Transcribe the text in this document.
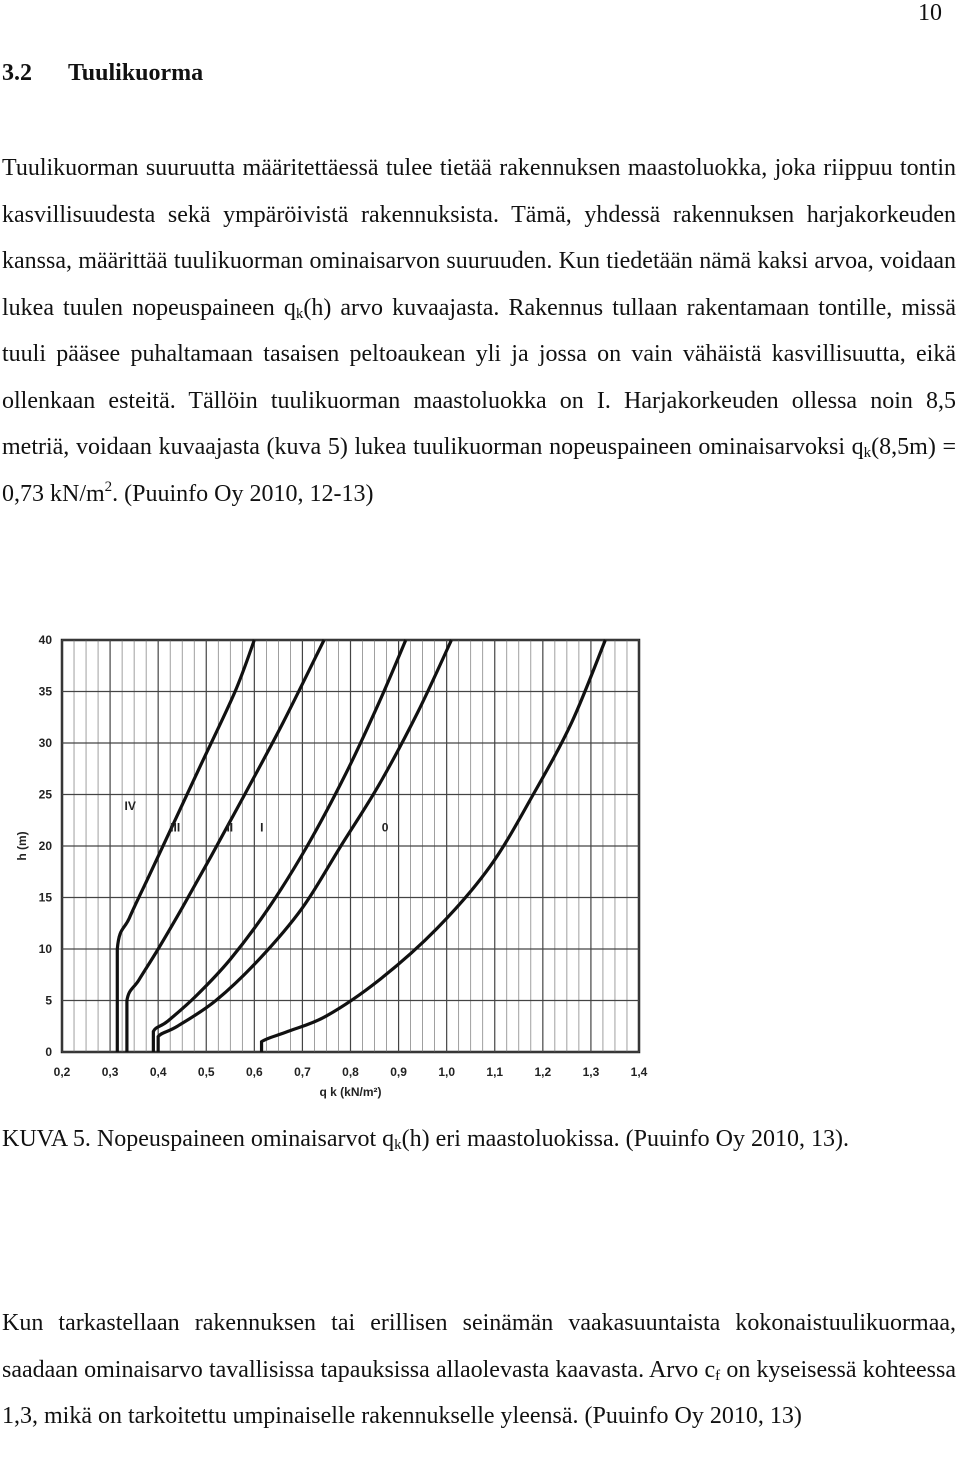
10
3.2 Tuulikuorma

Tuulikuorman suuruutta määritettäessä tulee tietää rakennuksen maastoluokka, joka riippuu tontin kasvillisuudesta sekä ympäröivistä rakennuksista. Tämä, yhdessä rakennuksen harjakorkeuden kanssa, määrittää tuulikuorman ominaisarvon suuruuden. Kun tiedetään nämä kaksi arvoa, voidaan lukea tuulen nopeuspaineen $q_k(h)$ arvo kuvaajasta. Rakennus tullaan rakentamaan tontille, missä tuuli pääsee puhaltamaan tasaisen peltoaukean yli ja jossa on vain vähäistä kasvillisuutta, eikä ollenkaan esteitä. Tällöin tuulikuorman maastoluokka on I. Harjakorkeuden ollessa noin 8,5 metriä, voidaan kuvaajasta (kuva 5) lukea tuulikuorman nopeuspaineen ominaisarvoksi $q_k(8,5m) = 0,73$ $kN/m^2$. (Puuinfo Oy 2010, 12-13)

IV
III	II I	0
0,2	0,3	0,4	0,5	0,6	0,7	0,8	0,9	1,0	1,1	1,2	1,3	1,4
0
5
10
15
20
25
30
35
40
q k (kN/m²)
h (m)

KUVA 5. Nopeuspaineen ominaisarvot $q_k(h)$ eri maastoluokissa. (Puuinfo Oy 2010, 13).

Kun tarkastellaan rakennuksen tai erillisen seinämän vaakasuuntaista kokonaistuulikuormaa, saadaan ominaisarvo tavallisissa tapauksissa allaolevasta kaavasta. Arvo $c_f$ on kyseisessä kohteessa 1,3, mikä on tarkoitettu umpinaiselle rakennukselle yleensä. (Puuinfo Oy 2010, 13)
